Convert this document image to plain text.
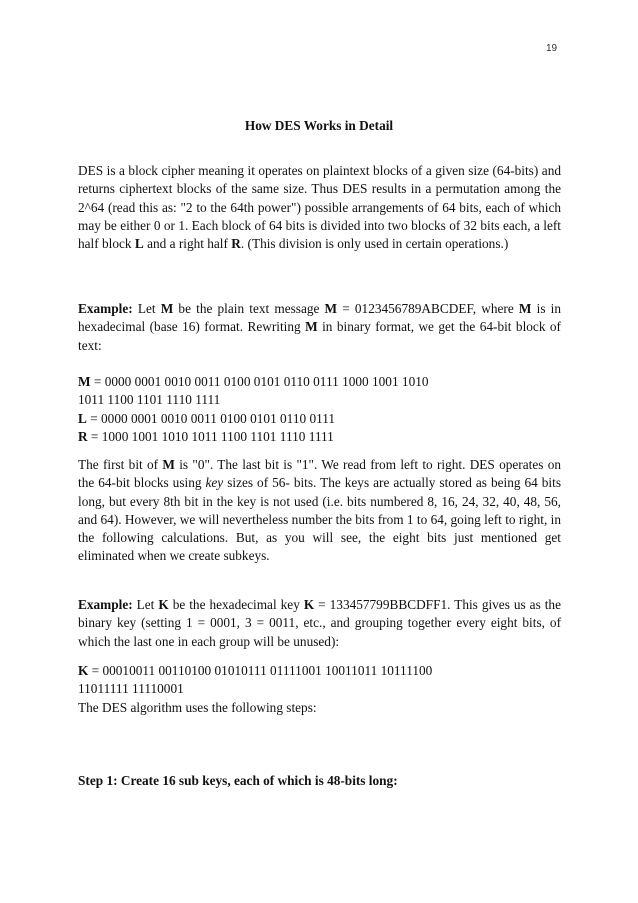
19
How DES Works in Detail

DES is a block cipher meaning it operates on plaintext blocks of a given size (64-bits) and returns ciphertext blocks of the same size. Thus DES results in a permutation among the 2^64 (read this as: "2 to the 64th power") possible arrangements of 64 bits, each of which may be either 0 or 1. Each block of 64 bits is divided into two blocks of 32 bits each, a left half block L and a right half R. (This division is only used in certain operations.)

Example: Let M be the plain text message M = 0123456789ABCDEF, where M is in hexadecimal (base 16) format. Rewriting M in binary format, we get the 64-bit block of text:

M = 0000 0001 0010 0011 0100 0101 0110 0111 1000 1001 1010
1011 1100 1101 1110 1111
L = 0000 0001 0010 0011 0100 0101 0110 0111
R = 1000 1001 1010 1011 1100 1101 1110 1111

The first bit of M is "0". The last bit is "1". We read from left to right. DES operates on the 64-bit blocks using key sizes of 56- bits. The keys are actually stored as being 64 bits long, but every 8th bit in the key is not used (i.e. bits numbered 8, 16, 24, 32, 40, 48, 56, and 64). However, we will nevertheless number the bits from 1 to 64, going left to right, in the following calculations. But, as you will see, the eight bits just mentioned get eliminated when we create subkeys.

Example: Let K be the hexadecimal key K = 133457799BBCDFF1. This gives us as the binary key (setting 1 = 0001, 3 = 0011, etc., and grouping together every eight bits, of which the last one in each group will be unused):

K = 00010011 00110100 01010111 01111001 10011011 10111100
11011111 11110001
The DES algorithm uses the following steps:
Step 1: Create 16 sub keys, each of which is 48-bits long:
